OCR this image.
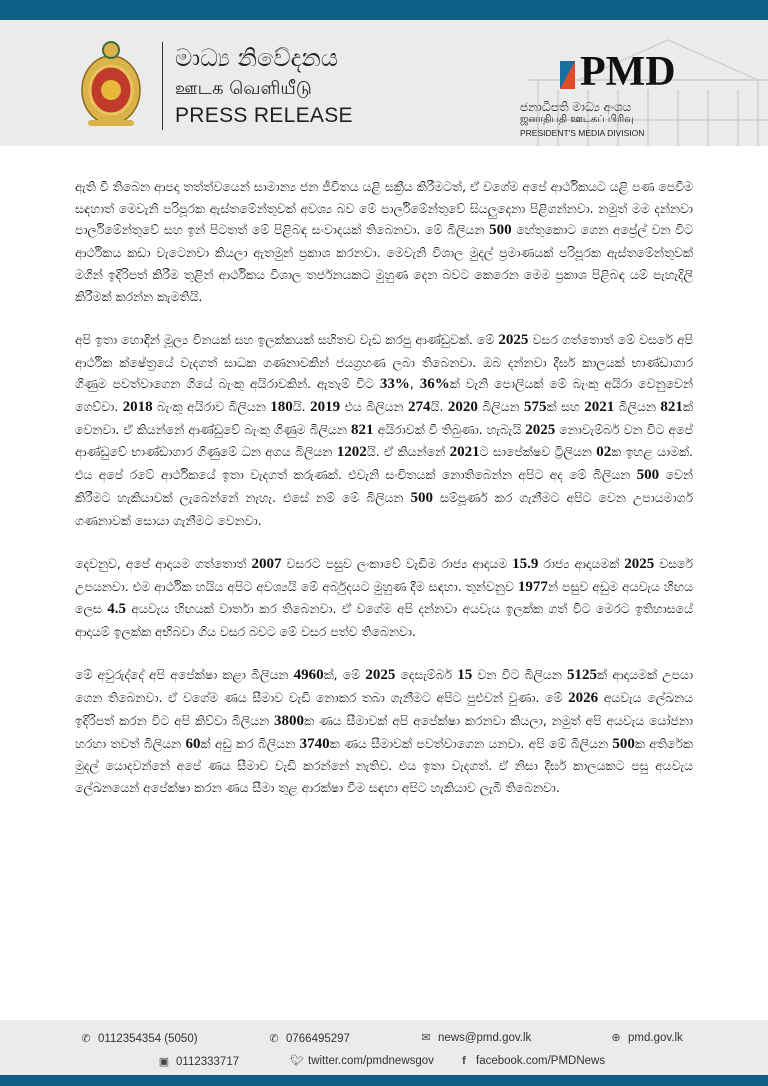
මාධ්‍ය නිවේදනය
ஊடக வெளியீடு
PRESS RELEASE
PMD
ජනාධිපති මාධ්‍ය අංශය
ஜனாதிபதி ஊடகப் பிரிவு
PRESIDENT'S MEDIA DIVISION

ඇති වී තිබෙන ආපදා තත්ත්වයෙන් සාමාන්‍ය ජන ජීවිතය යළි සක්‍රීය කිරීමටත්, ඒ වගේම අපේ ආර්ථිකයට යළි පණ පෙවීම සඳහාත් මෙවැනි පරිපූරක ඇස්තමේන්තුවක් අවශ්‍ය බව මේ පාර්ලිමේන්තුවේ සියලුදෙනා පිළිගන්නවා. නමුත් මම දන්නවා පාර්ලිමේන්තුවේ සහ ඉන් පිටතත් මේ පිළිබඳ සංවාදයක් තිබෙනවා. මේ බිලියන 500 හේතුකොට ගෙන අප්‍රේල් වන විට ආර්ථිකය කඩා වැටෙනවා කියලා ඇතමුන් ප්‍රකාශ කරනවා. මෙවැනි විශාල මුදල් ප්‍රමාණයක් පරිපූරක ඇස්තමේන්තුවක් මගින් ඉදිරිපත් කිරීම තුළින් ආර්ථිකය විශාල තර්ජනයකට මුහුණ දෙන බවට කෙරෙන මෙම ප්‍රකාශ පිළිබඳ යම් පැහැදිලි කිරීමක් කරන්න කැමතියි.

අපි ඉතා හොඳින් මූල්‍ය විනයක් සහ ඉලක්කයක් සහිතව වැඩ කරපු ආණ්ඩුවක්. මේ 2025 වසර ගත්තොත් මේ වසරේ අපි ආර්ථික ක්ෂේත්‍රයේ වැදගත් සාධක ගණනාවකින් ජයග්‍රහණ ලබා තිබෙනවා. ඔබ දන්නවා දීර්ඝ කාලයක් භාණ්ඩාගාර ගිණුම පවත්වාගෙන ගියේ බැංකු අයිරාවකින්. ඇතැම් විට 33%, 36%ක් වැනි පොලියක් මේ බැංකු අයිරා වෙනුවෙන් ගෙව්වා. 2018 බැංකු අයිරාව බිලියන 180යි. 2019 එය බිලියන 274යි. 2020 බිලියන 575ක් සහ 2021 බිලියන 821ක් වෙනවා. ඒ කියන්නේ ආණ්ඩුවේ බැංකු ගිණුම බිලියන 821 අයිරාවක් වී තිබුණා. හැබැයි 2025 නොවැම්බර් වන විට අපේ ආණ්ඩුවේ භාණ්ඩාගාර ගිණුමේ ධන අගය බිලියන 1202යි. ඒ කියන්නේ 2021ට සාපේක්ෂව ට්‍රිලියන 02ක ඉහළ යාමක්. එය අපේ රටේ ආර්ථිකයේ ඉතා වැදගත් කරුණක්. එවැනි සංචිතයක් නොතිබෙන්න අපිට අද මේ බිලියන 500 වෙන් කිරීමට හැකියාවක් ලැබෙන්නේ නැහැ. එසේ නම් මේ බිලියන 500 සම්පූර්ණ කර ගැනීමට අපිට වෙන උපායමාර්ග ගණනාවක් සොයා ගැනීමට වෙනවා.

දෙවනුව, අපේ ආදායම ගත්තොත් 2007 වසරට පසුව ලංකාවේ වැඩිම රාජ්‍ය ආදායම 15.9 රාජ්‍ය ආදායමක් 2025 වසරේ උපයනවා. එම ආර්ථික හයිය අපිට අවශ්‍යයි මේ අර්බුදයට මුහුණ දීම සඳහා. තුන්වනුව 1977න් පසුව අඩුම අයවැය හිඟය ලෙස 4.5 අයවැය හිඟයක් වාර්තා කර තිබෙනවා. ඒ වගේම අපි දන්නවා අයවැය ඉලක්ක ගත් විට මෙරට ඉතිහාසයේ ආදායම් ඉලක්ක අභිබවා ගිය වසර බවට මේ වසර පත්ව තිබෙනවා.

මේ අවුරුද්දේ අපි අපේක්ෂා කළා බිලියන 4960ක්, මේ 2025 දෙසැම්බර් 15 වන විට බිලියන 5125ක් ආදායමක් උපයා ගෙන තිබෙනවා. ඒ වගේම ණය සීමාව වැඩි නොකර තබා ගැනීමට අපිට පුළුවන් වුණා. මේ 2026 අයවැය ලේඛනය ඉදිරිපත් කරන විට අපි කිව්වා බිලියන 3800ක ණය සීමාවක් අපි අපේක්ෂා කරනවා කියලා, නමුත් අපි අයවැය යෝජනා හරහා තවත් බිලියන 60ක් අඩු කර බිලියන 3740ක ණය සීමාවක් පවත්වාගෙන යනවා. අපි මේ බිලියන 500ක අතිරේක මුදල් යොදවන්නේ අපේ ණය සීමාව වැඩි කරන්නේ නැතිව. එය ඉතා වැදගත්. ඒ නිසා දීර්ඝ කාලයකට පසු අයවැය ලේඛනයෙන් අපේක්ෂා කරන ණය සීමා තුළ ආරක්ෂා වීම සඳහා අපිට හැකියාව ලැබී තිබෙනවා.

✆ 0112354354 (5050)	✆ 0766495297	✉ news@pmd.gov.lk	⊕ pmd.gov.lk
▣ 0112333717	🐦︎ twitter.com/pmdnewsgov	f facebook.com/PMDNews
